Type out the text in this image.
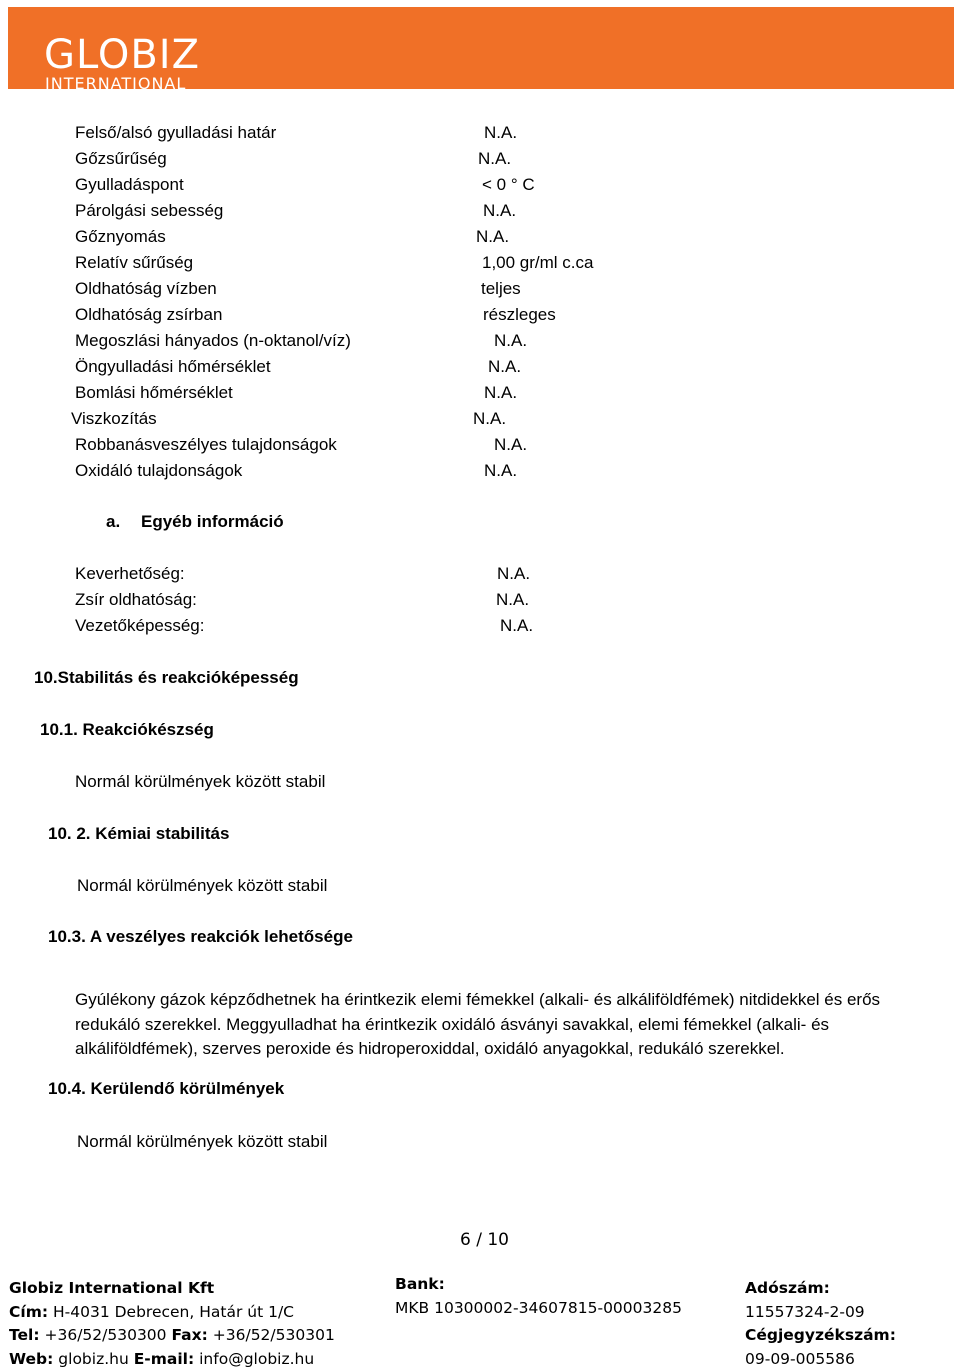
GLOBIZ
INTERNATIONAL
Felső/alsó gyulladási határ	N.A.
Gőzsűrűség	N.A.
Gyulladáspont	< 0 ° C
Párolgási sebesség	N.A.
Gőznyomás	N.A.
Relatív sűrűség	1,00 gr/ml c.ca
Oldhatóság vízben	teljes
Oldhatóság zsírban	részleges
Megoszlási hányados (n-oktanol/víz)	N.A.
Öngyulladási hőmérséklet	N.A.
Bomlási hőmérséklet	N.A.
Viszkozítás	N.A.
Robbanásveszélyes tulajdonságok	N.A.
Oxidáló tulajdonságok	N.A.
a. Egyéb információ
Keverhetőség:	N.A.
Zsír oldhatóság:	N.A.
Vezetőképesség:	N.A.
10.Stabilitás és reakcióképesség
10.1. Reakciókészség
Normál körülmények között stabil
10. 2. Kémiai stabilitás
Normál körülmények között stabil
10.3. A veszélyes reakciók lehetősége
Gyúlékony gázok képződhetnek ha érintkezik elemi fémekkel (alkali- és alkáliföldfémek) nitdidekkel és erős redukáló szerekkel. Meggyulladhat ha érintkezik oxidáló ásványi savakkal, elemi fémekkel (alkali- és alkáliföldfémek), szerves peroxide és hidroperoxiddal, oxidáló anyagokkal, redukáló szerekkel.
10.4. Kerülendő körülmények
Normál körülmények között stabil
6 / 10
Globiz International Kft
Cím: H-4031 Debrecen, Határ út 1/C
Tel: +36/52/530300 Fax: +36/52/530301
Web: globiz.hu E-mail: info@globiz.hu
Bank:
MKB 10300002-34607815-00003285
Adószám:
11557324-2-09
Cégjegyzékszám:
09-09-005586
